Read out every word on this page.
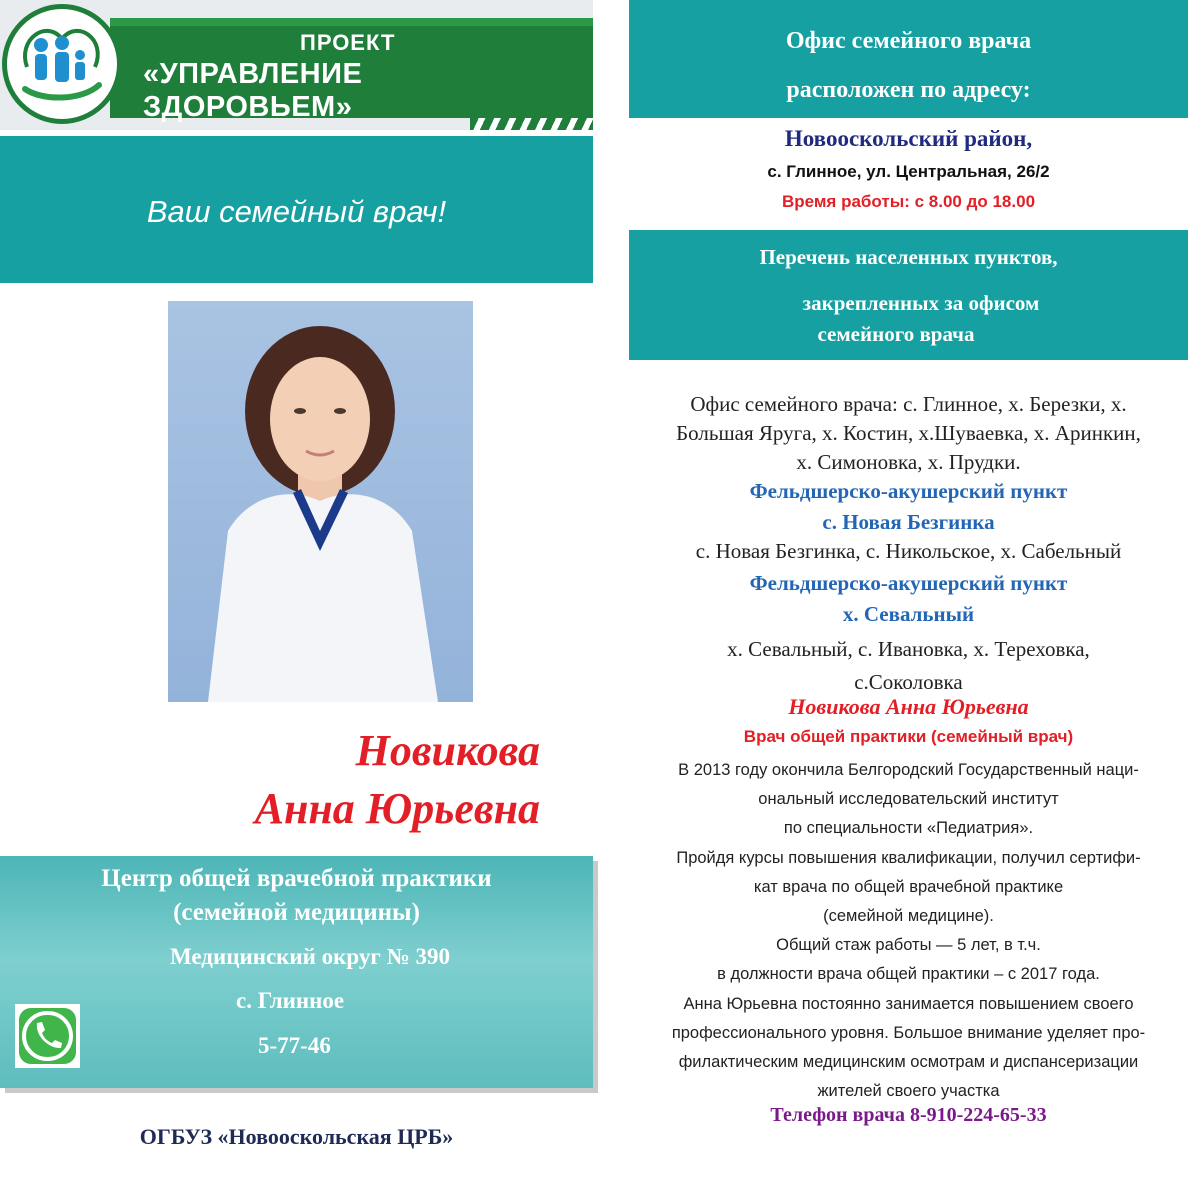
ПРОЕКТ
«УПРАВЛЕНИЕ ЗДОРОВЬЕМ»
Ваш семейный врач!
Новикова
Анна Юрьевна
Центр общей врачебной практики
(семейной медицины)
Медицинский округ № 390
с. Глинное
5-77-46
ОГБУЗ «Новооскольская ЦРБ»
Офис семейного врача
расположен по адресу:
Новооскольский район,
с. Глинное, ул. Центральная, 26/2
Время работы: с 8.00 до 18.00
Перечень населенных пунктов,
закрепленных за офисом
семейного врача
Офис семейного врача: с. Глинное, х. Березки, х.
Большая Яруга, х. Костин, х.Шуваевка, х. Аринкин,
х. Симоновка, х. Прудки.
Фельдшерско-акушерский пункт
с. Новая Безгинка
с. Новая Безгинка, с. Никольское, х. Сабельный
Фельдшерско-акушерский пункт
х. Севальный
х. Севальный, с. Ивановка, х. Тереховка,
с.Соколовка
Новикова Анна Юрьевна
Врач общей практики (семейный врач)
В 2013 году окончила Белгородский Государственный наци-
ональный исследовательский институт
по специальности «Педиатрия».
Пройдя курсы повышения квалификации, получил сертифи-
кат врача по общей врачебной практике
(семейной медицине).
Общий стаж работы — 5 лет, в т.ч.
в должности врача общей практики – с 2017 года.
Анна Юрьевна постоянно занимается повышением своего
профессионального уровня. Большое внимание уделяет про-
филактическим медицинским осмотрам и диспансеризации
жителей своего участка
Телефон врача 8-910-224-65-33
